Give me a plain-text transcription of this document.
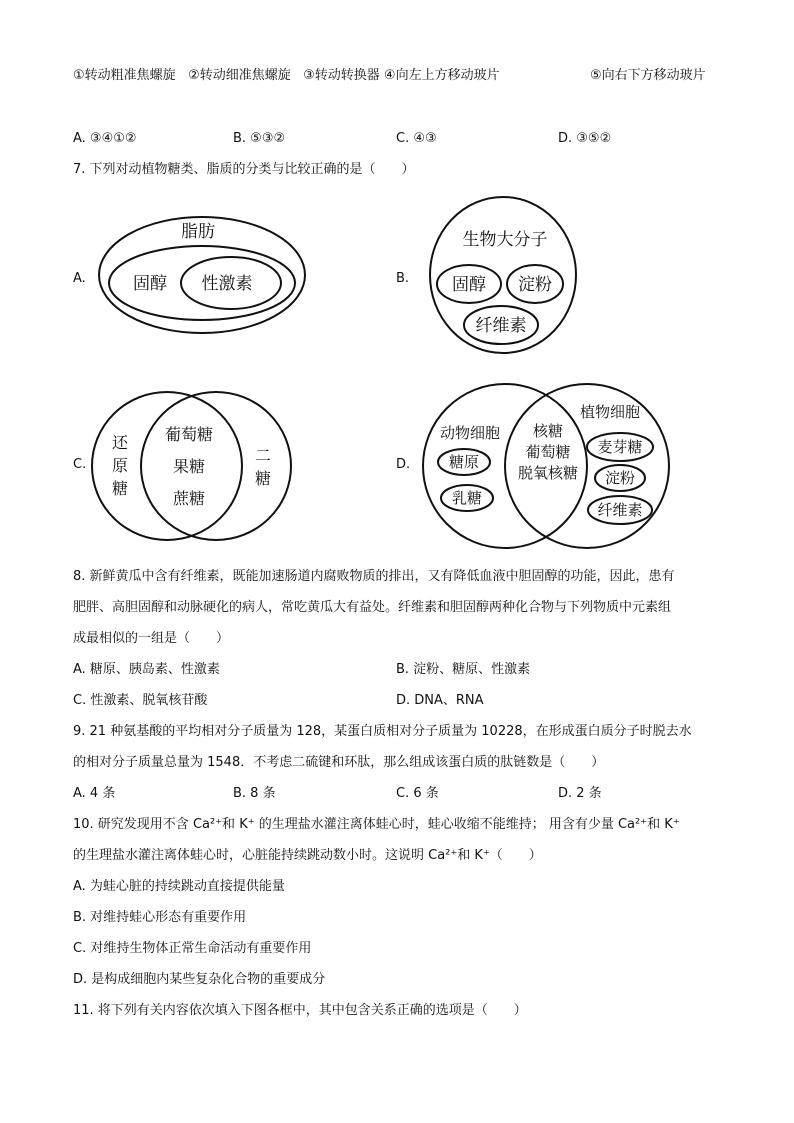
①转动粗准焦螺旋 ②转动细准焦螺旋 ③转动转换器 ④向左上方移动玻片	⑤向右下方移动玻片
A. ③④①②	B. ⑤③②	C. ④③	D. ③⑤②
7. 下列对动植物糖类、脂质的分类与比较正确的是（　　）
A.	B.
C.	D.
脂肪
固醇 性激素
生物大分子
固醇 淀粉
纤维素
还
原
糖
葡萄糖
果糖
蔗糖
二
糖
动物细胞
糖原
乳糖
核糖
葡萄糖
脱氧核糖
植物细胞
麦芽糖
淀粉
纤维素
8. 新鲜黄瓜中含有纤维素，既能加速肠道内腐败物质的排出，又有降低血液中胆固醇的功能，因此，患有
肥胖、高胆固醇和动脉硬化的病人，常吃黄瓜大有益处。纤维素和胆固醇两种化合物与下列物质中元素组
成最相似的一组是（　　）
A. 糖原、胰岛素、性激素	B. 淀粉、糖原、性激素
C. 性激素、脱氧核苷酸	D. DNA、RNA
9. 21 种氨基酸的平均相对分子质量为 128，某蛋白质相对分子质量为 10228，在形成蛋白质分子时脱去水
的相对分子质量总量为 1548．不考虑二硫键和环肽，那么组成该蛋白质的肽链数是（　　）
A. 4 条	B. 8 条	C. 6 条	D. 2 条
10. 研究发现用不含 Ca²⁺和 K⁺ 的生理盐水灌注离体蛙心时，蛙心收缩不能维持； 用含有少量 Ca²⁺和 K⁺
的生理盐水灌注离体蛙心时，心脏能持续跳动数小时。这说明 Ca²⁺和 K⁺（　　）
A. 为蛙心脏的持续跳动直接提供能量
B. 对维持蛙心形态有重要作用
C. 对维持生物体正常生命活动有重要作用
D. 是构成细胞内某些复杂化合物的重要成分
11. 将下列有关内容依次填入下图各框中，其中包含关系正确的选项是（　　）
